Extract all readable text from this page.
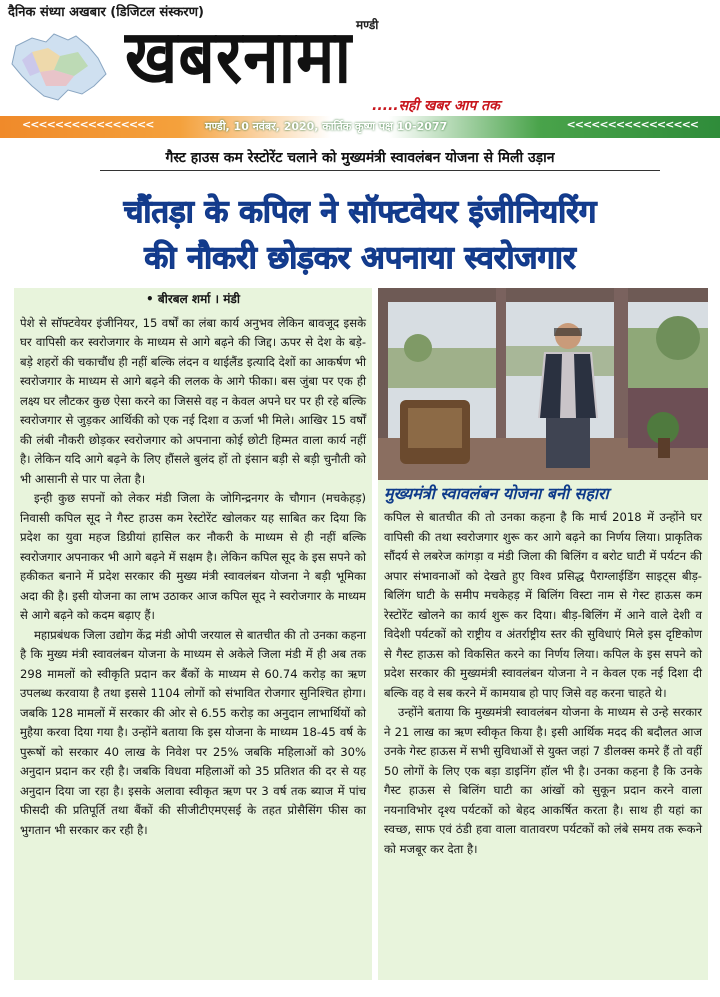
दैनिक संध्या अखबार (डिजिटल संस्करण)
मण्डी
खबरनामा
.....सही खबर आप तक
<<<<<<<<<<<<<<<<	मण्डी, 10 नवंबर, 2020, कार्तिक कृष्ण पक्ष 10-2077	<<<<<<<<<<<<<<<<
गैस्ट हाउस कम रेस्टोरेंट चलाने को मुख्यमंत्री स्वावलंबन योजना से मिली उड़ान
चौंतड़ा के कपिल ने सॉफ्टवेयर इंजीनियरिंग
की नौकरी छोड़कर अपनाया स्वरोजगार
• बीरबल शर्मा । मंडी

पेशे से सॉफ्टवेयर इंजीनियर, 15 वर्षों का लंबा कार्य अनुभव लेकिन बावजूद इसके घर वापिसी कर स्वरोजगार के माध्यम से आगे बढ़ने की जिद्द। ऊपर से देश के बड़े-बड़े शहरों की चकाचौंध ही नहीं बल्कि लंदन व थाईलैंड इत्यादि देशों का आकर्षण भी स्वरोजगार के माध्यम से आगे बढ़ने की ललक के आगे फीका। बस जुंबा पर एक ही लक्ष्य घर लौटकर कुछ ऐसा करने का जिससे वह न केवल अपने घर पर ही रहे बल्कि स्वरोजगार से जुड़कर आर्थिकी को एक नई दिशा व ऊर्जा भी मिले। आखिर 15 वर्षों की लंबी नौकरी छोड़कर स्वरोजगार को अपनाना कोई छोटी हिम्मत वाला कार्य नहीं है। लेकिन यदि आगे बढ़ने के लिए हौंसले बुलंद हों तो इंसान बड़ी से बड़ी चुनौती को भी आसानी से पार पा लेता है।

इन्ही कुछ सपनों को लेकर मंडी जिला के जोगिन्द्रनगर के चौगान (मचकेहड़) निवासी कपिल सूद ने गैस्ट हाउस कम रेस्टोरेंट खोलकर यह साबित कर दिया कि प्रदेश का युवा महज डिग्रीयां हासिल कर नौकरी के माध्यम से ही नहीं बल्कि स्वरोजगार अपनाकर भी आगे बढ़ने में सक्षम है। लेकिन कपिल सूद के इस सपने को हकीकत बनाने में प्रदेश सरकार की मुख्य मंत्री स्वावलंबन योजना ने बड़ी भूमिका अदा की है। इसी योजना का लाभ उठाकर आज कपिल सूद ने स्वरोजगार के माध्यम से आगे बढ़ने को कदम बढ़ाए हैं।

महाप्रबंधक जिला उद्योग केंद्र मंडी ओपी जरयाल से बातचीत की तो उनका कहना है कि मुख्य मंत्री स्वावलंबन योजना के माध्यम से अकेले जिला मंडी में ही अब तक 298 मामलों को स्वीकृति प्रदान कर बैंकों के माध्यम से 60.74 करोड़ का ऋण उपलब्ध करवाया है तथा इससे 1104 लोगों को संभावित रोजगार सुनिश्चित होगा। जबकि 128 मामलों में सरकार की ओर से 6.55 करोड़ का अनुदान लाभार्थियों को मुहैया करवा दिया गया है। उन्होंने बताया कि इस योजना के माध्यम 18-45 वर्ष के पुरूषों को सरकार 40 लाख के निवेश पर 25% जबकि महिलाओं को 30% अनुदान प्रदान कर रही है। जबकि विधवा महिलाओं को 35 प्रतिशत की दर से यह अनुदान दिया जा रहा है। इसके अलावा स्वीकृत ऋण पर 3 वर्ष तक ब्याज में पांच फीसदी की प्रतिपूर्ति तथा बैंकों की सीजीटीएमएसई के तहत प्रोसैसिंग फीस का भुगतान भी सरकार कर रही है।

मुख्यमंत्री स्वावलंबन योजना बनी सहारा

कपिल से बातचीत की तो उनका कहना है कि मार्च 2018 में उन्होंने घर वापिसी की तथा स्वरोजगार शुरू कर आगे बढ़ने का निर्णय लिया। प्राकृतिक सौंदर्य से लबरेज कांगड़ा व मंडी जिला की बिलिंग व बरोट घाटी में पर्यटन की अपार संभावनाओं को देखते हुए विश्व प्रसिद्ध पैराग्लाईडिंग साइट्स बीड़-बिलिंग घाटी के समीप मचकेहड़ में बिलिंग विस्टा नाम से गेस्ट हाऊस कम रेस्टोरेंट खोलने का कार्य शुरू कर दिया। बीड़-बिलिंग में आने वाले देशी व विदेशी पर्यटकों को राष्ट्रीय व अंतर्राष्ट्रीय स्तर की सुविधाएं मिले इस दृष्टिकोण से गैस्ट हाऊस को विकसित करने का निर्णय लिया। कपिल के इस सपने को प्रदेश सरकार की मुख्यमंत्री स्वावलंबन योजना ने न केवल एक नई दिशा दी बल्कि वह वे सब करने में कामयाब हो पाए जिसे वह करना चाहते थे।

उन्होंने बताया कि मुख्यमंत्री स्वावलंबन योजना के माध्यम से उन्हे सरकार ने 21 लाख का ऋण स्वीकृत किया है। इसी आर्थिक मदद की बदौलत आज उनके गेस्ट हाऊस में सभी सुविधाओं से युक्त जहां 7 डीलक्स कमरे हैं तो वहीं 50 लोगों के लिए एक बड़ा डाइनिंग हॉल भी है। उनका कहना है कि उनके गैस्ट हाऊस से बिलिंग घाटी का आंखों को सुकून प्रदान करने वाला नयनाविभोर दृश्य पर्यटकों को बेहद आकर्षित करता है। साथ ही यहां का स्वच्छ, साफ एवं ठंडी हवा वाला वातावरण पर्यटकों को लंबे समय तक रूकने को मजबूर कर देता है।
